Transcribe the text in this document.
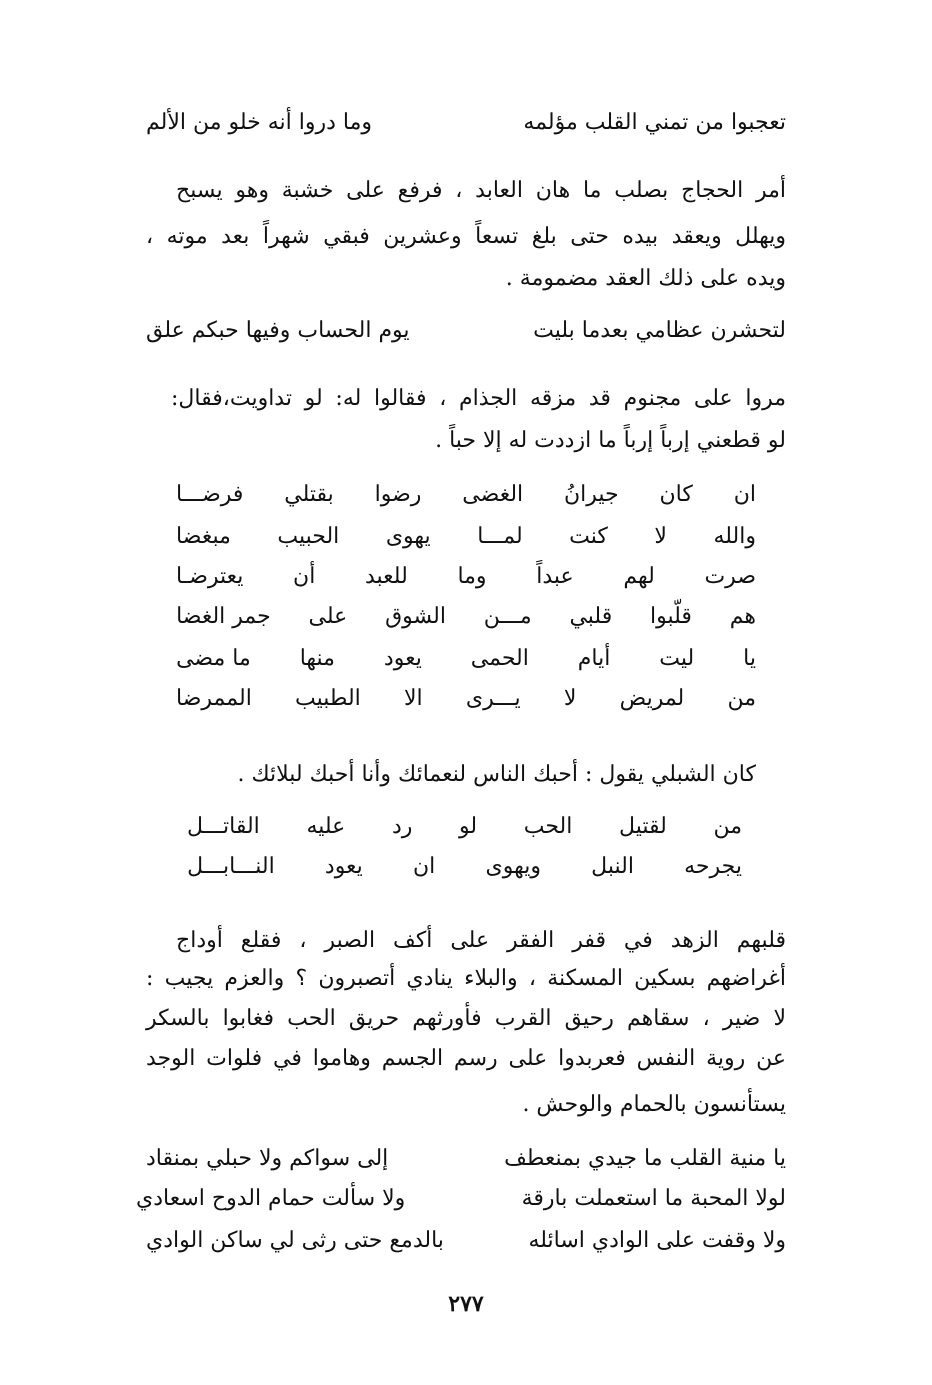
تعجبوا من تمني القلب مؤلمه
وما دروا أنه خلو من الألم
أمر الحجاج بصلب ما هان العابد ، فرفع على خشبة وهو يسبح
ويهلل ويعقد بيده حتى بلغ تسعاً وعشرين فبقي شهراً بعد موته ،
ويده على ذلك العقد مضمومة .
لتحشرن عظامي بعدما بليت
يوم الحساب وفيها حبكم علق
مروا على مجنوم قد مزقه الجذام ، فقالوا له: لو تداويت،فقال:
لو قطعني إرباً إرباً ما ازددت له إلا حباً .
ان
كان
جيرانُ
الغضى
رضوا
بقتلي
فرضـــا
والله
لا
كنت
لمـــا
يهوى
الحبيب
مبغضا
صرت
لهم
عبداً
وما
للعبد
أن
يعترضـا
هم
قلّبوا
قلبي
مـــن
الشوق
على
جمر الغضا
يا
ليت
أيام
الحمى
يعود
منها
ما مضى
من
لمريض
لا
يـــرى
الا
الطبيب
الممرضا
كان الشبلي يقول : أحبك الناس لنعمائك وأنا أحبك لبلائك .
من
لقتيل
الحب
لو
رد
عليه
القاتـــل
يجرحه
النبل
ويهوى
ان
يعود
النـــابـــل
قلبهم الزهد في قفر الفقر على أكف الصبر ، فقلع أوداج
أغراضهم بسكين المسكنة ، والبلاء ينادي أتصبرون ؟ والعزم يجيب :
لا ضير ، سقاهم رحيق القرب فأورثهم حريق الحب فغابوا بالسكر
عن روية النفس فعربدوا على رسم الجسم وهاموا في فلوات الوجد
يستأنسون بالحمام والوحش .
يا منية القلب ما جيدي بمنعطف
إلى سواكم ولا حبلي بمنقاد
لولا المحبة ما استعملت بارقة
ولا سألت حمام الدوح اسعادي
ولا وقفت على الوادي اسائله
بالدمع حتى رثى لي ساكن الوادي
٢٧٧
